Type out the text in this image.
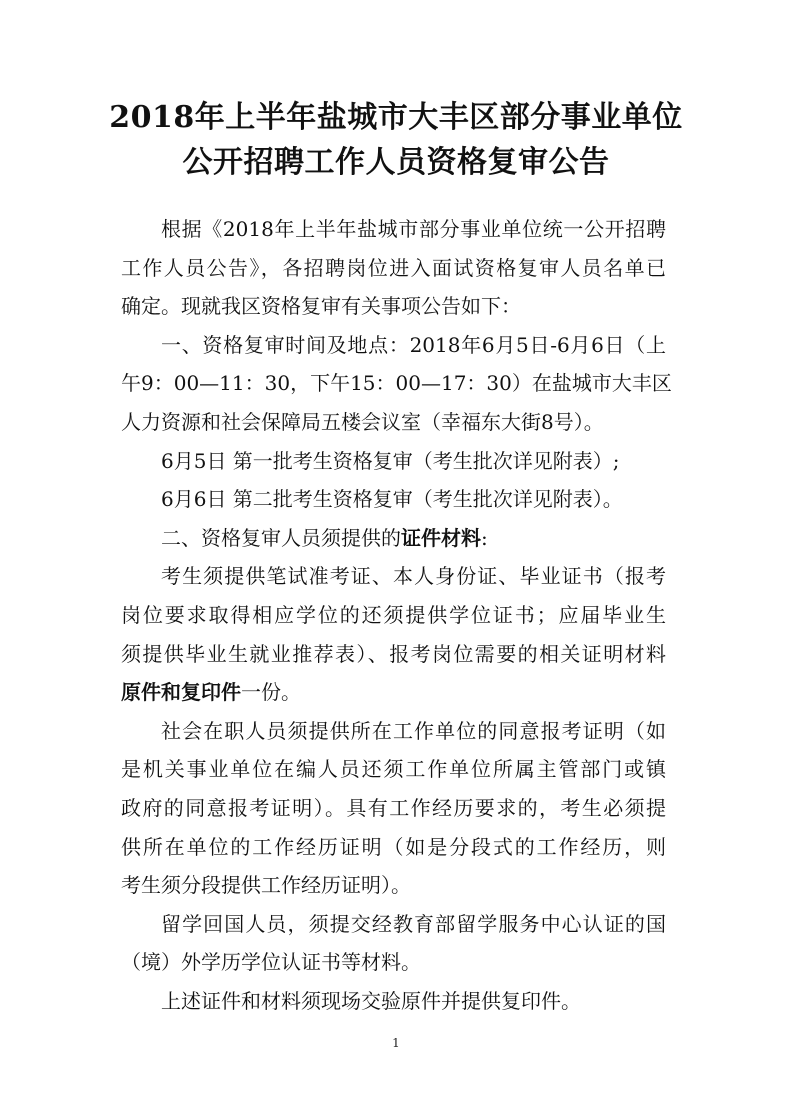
2018年上半年盐城市大丰区部分事业单位
公开招聘工作人员资格复审公告
根据《2018年上半年盐城市部分事业单位统一公开招聘
工作人员公告》，各招聘岗位进入面试资格复审人员名单已
确定。现就我区资格复审有关事项公告如下：
一、资格复审时间及地点：2018年6月5日-6月6日（上
午9：00—11：30，下午15：00—17：30）在盐城市大丰区
人力资源和社会保障局五楼会议室（幸福东大街8号）。
6月5日 第一批考生资格复审（考生批次详见附表）;
6月6日 第二批考生资格复审（考生批次详见附表）。
二、资格复审人员须提供的证件材料:
考生须提供笔试准考证、本人身份证、毕业证书（报考
岗位要求取得相应学位的还须提供学位证书；应届毕业生
须提供毕业生就业推荐表）、报考岗位需要的相关证明材料
原件和复印件一份。
社会在职人员须提供所在工作单位的同意报考证明（如
是机关事业单位在编人员还须工作单位所属主管部门或镇
政府的同意报考证明）。具有工作经历要求的，考生必须提
供所在单位的工作经历证明（如是分段式的工作经历，则
考生须分段提供工作经历证明）。
留学回国人员，须提交经教育部留学服务中心认证的国
（境）外学历学位认证书等材料。
上述证件和材料须现场交验原件并提供复印件。
1
